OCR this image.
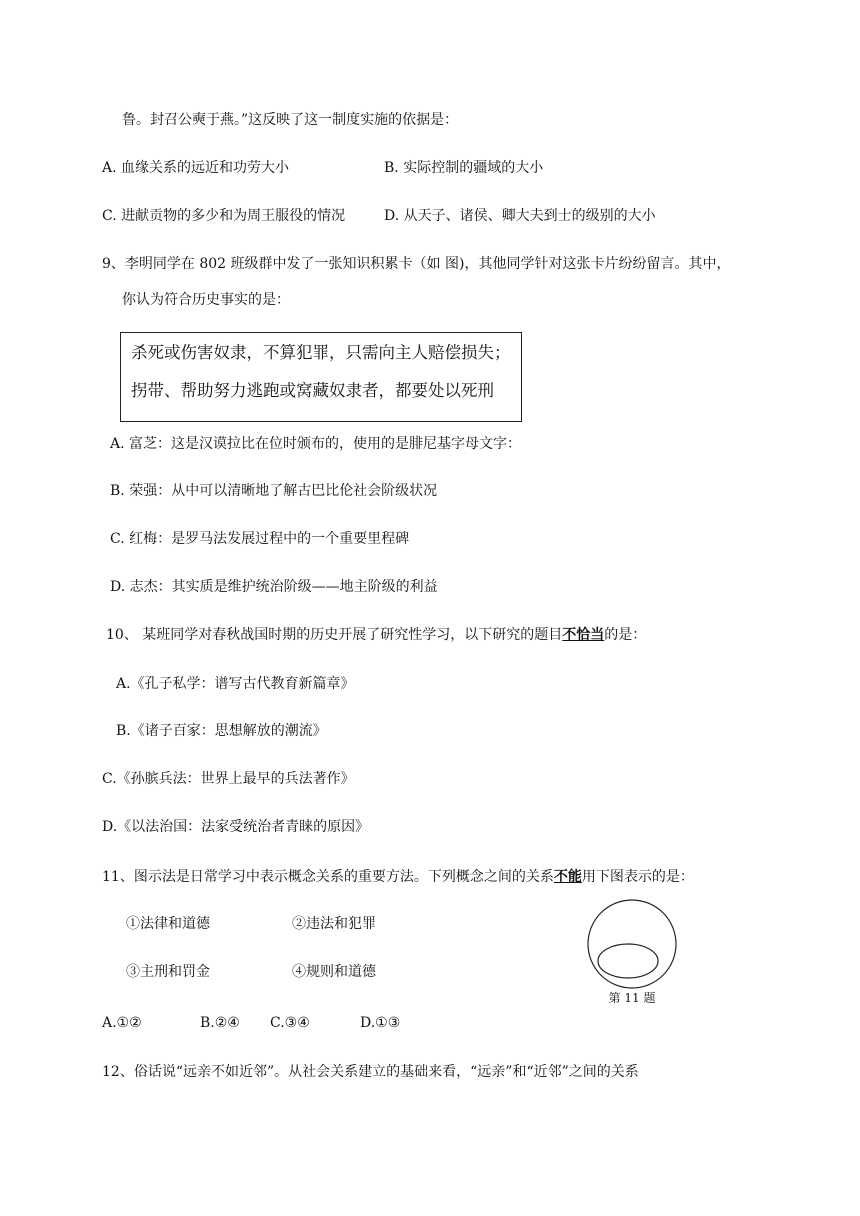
鲁。封召公奭于燕。”这反映了这一制度实施的依据是：
A. 血缘关系的远近和功劳大小	B. 实际控制的疆域的大小
C. 进献贡物的多少和为周王服役的情况	D. 从天子、诸侯、卿大夫到士的级别的大小
9、李明同学在 802 班级群中发了一张知识积累卡（如 图)，其他同学针对这张卡片纷纷留言。其中，
你认为符合历史事实的是：
杀死或伤害奴隶，不算犯罪，只需向主人赔偿损失；
拐带、帮助努力逃跑或窝藏奴隶者，都要处以死刑
A. 富芝：这是汉谟拉比在位时颁布的，使用的是腓尼基字母文字：
B. 荣强：从中可以清晰地了解古巴比伦社会阶级状况
C. 红梅：是罗马法发展过程中的一个重要里程碑
D. 志杰：其实质是维护统治阶级——地主阶级的利益
10、 某班同学对春秋战国时期的历史开展了研究性学习，以下研究的题目不恰当的是：
A.《孔子私学：谱写古代教育新篇章》
B.《诸子百家：思想解放的潮流》
C.《孙膑兵法：世界上最早的兵法著作》
D.《以法治国：法家受统治者青睐的原因》
11、图示法是日常学习中表示概念关系的重要方法。下列概念之间的关系不能用下图表示的是：
①法律和道德	②违法和犯罪
③主刑和罚金	④规则和道德
第 11 题
A.①②	B.②④ C.③④	D.①③
12、俗话说“远亲不如近邻”。从社会关系建立的基础来看，“远亲”和“近邻”之间的关系
